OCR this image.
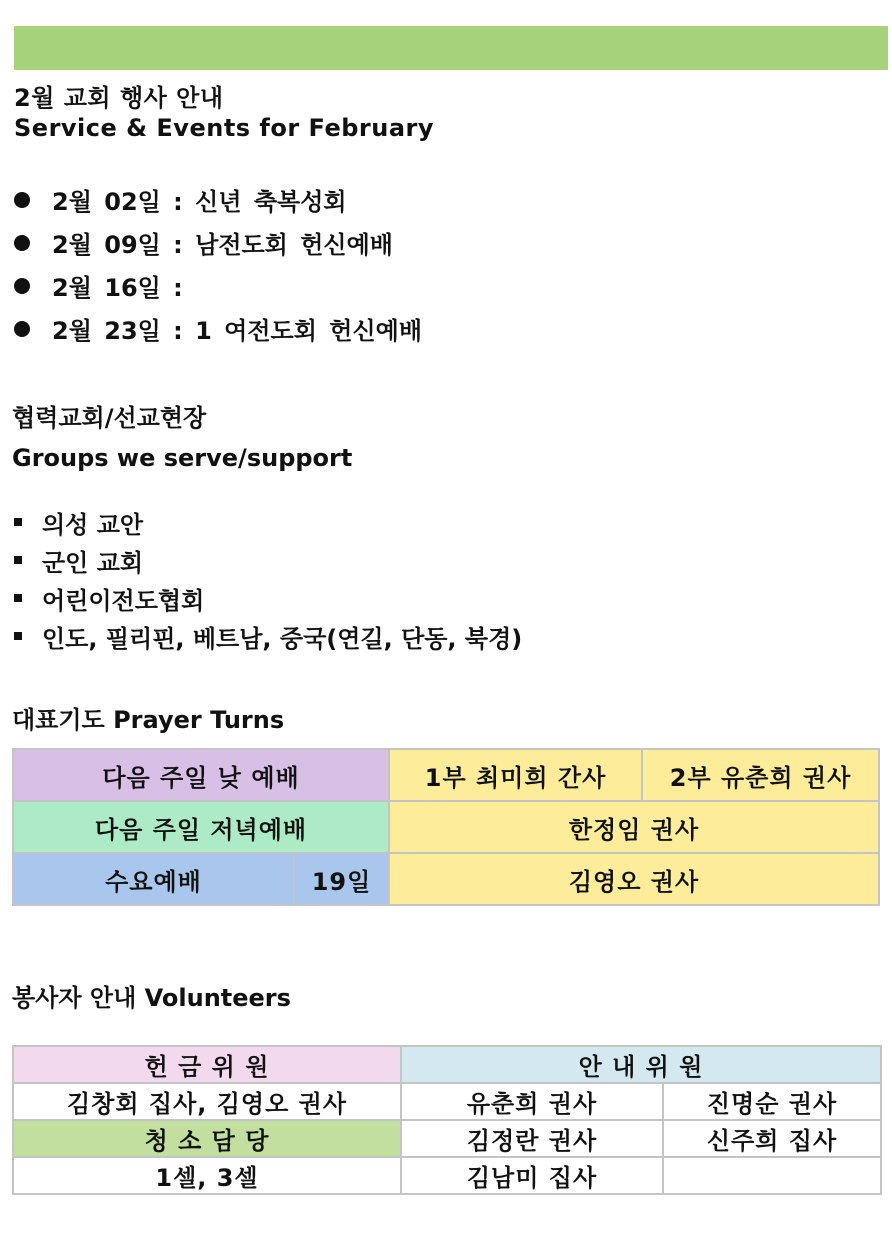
2월 교회 행사 안내
Service & Events for February
2월 02일 : 신년 축복성회
2월 09일 : 남전도회 헌신예배
2월 16일 :
2월 23일 : 1 여전도회 헌신예배
협력교회/선교현장
Groups we serve/support
의성 교안
군인 교회
어린이전도협회
인도, 필리핀, 베트남, 중국(연길, 단동, 북경)
대표기도 Prayer Turns
다음 주일 낮 예배		1부 최미희 간사	2부 유춘희 권사
다음 주일 저녁예배		한정임 권사	
수요예배	19일	김영오 권사	
봉사자 안내 Volunteers
헌 금 위 원	안 내 위 원	
김창회 집사, 김영오 권사	유춘희 권사	진명순 권사
청 소 담 당	김정란 권사	신주희 집사
1셀, 3셀	김남미 집사	
